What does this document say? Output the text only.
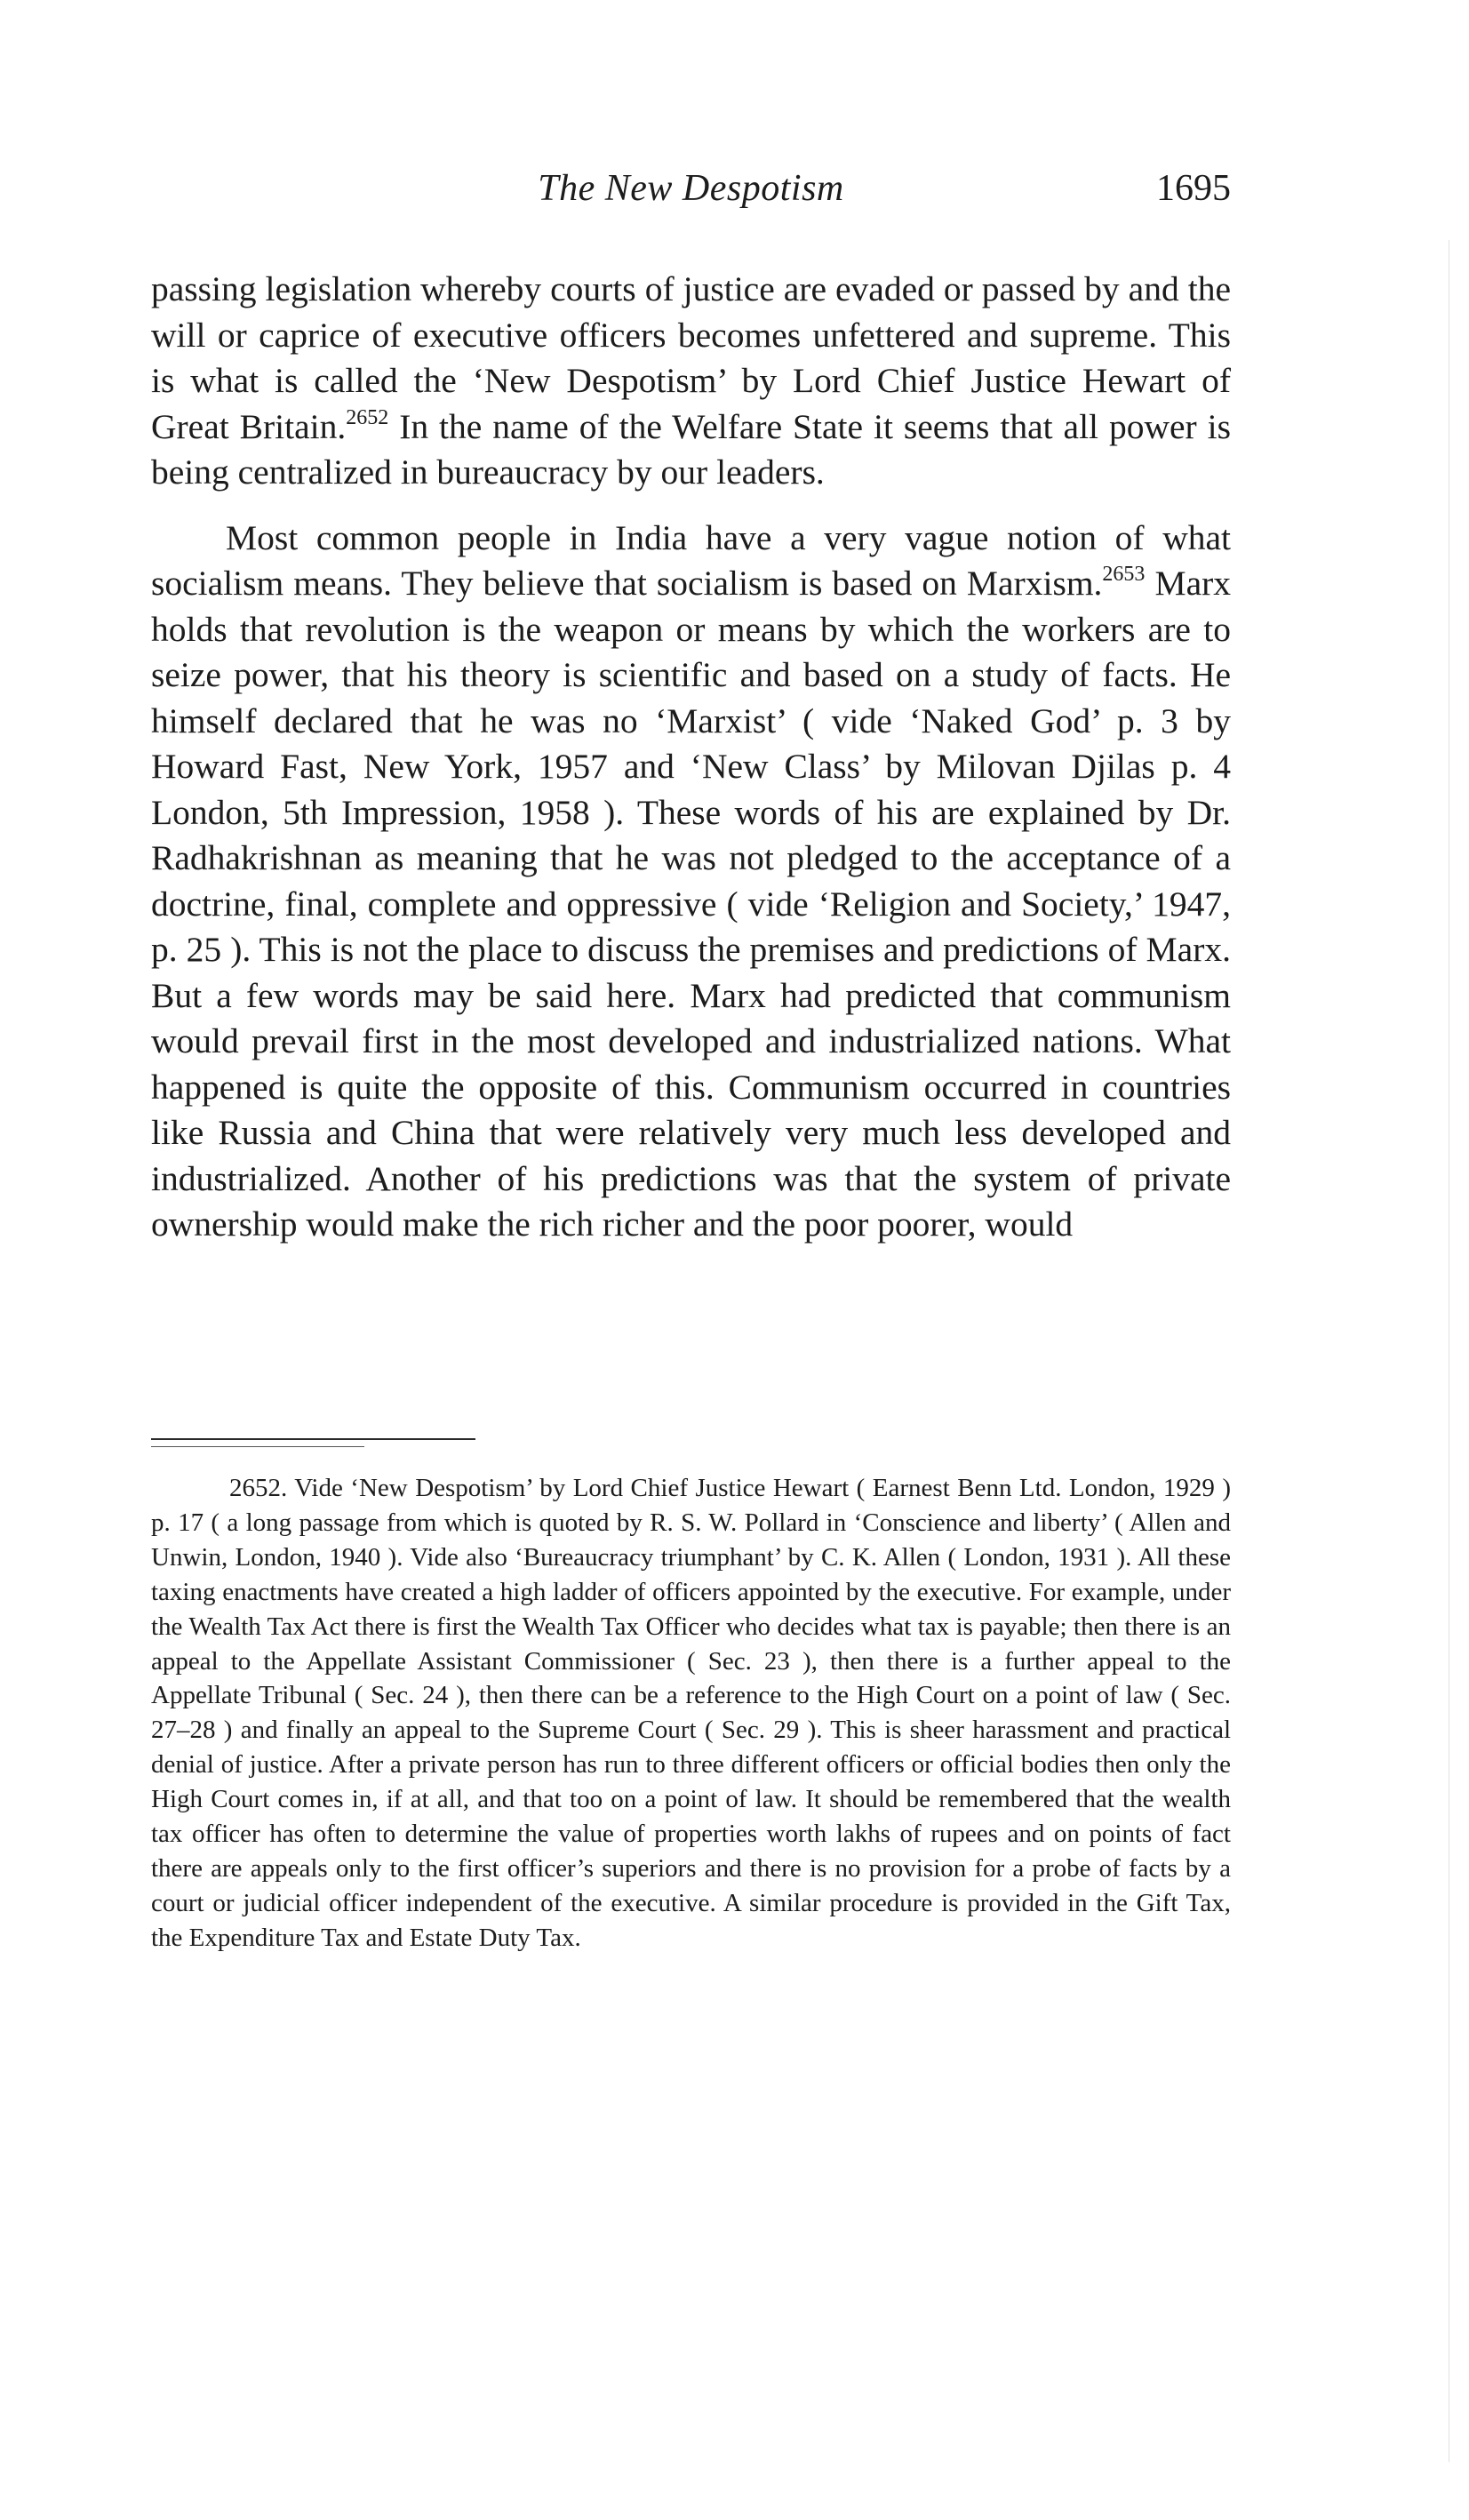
The New Despotism	1695

passing legislation whereby courts of justice are evaded or passed by and the will or caprice of executive officers becomes unfettered and supreme. This is what is called the ‘New Despotism’ by Lord Chief Justice Hewart of Great Britain.$^{2652}$ In the name of the Welfare State it seems that all power is being centralized in bureaucracy by our leaders.

Most common people in India have a very vague notion of what socialism means. They believe that socialism is based on Marxism.$^{2653}$ Marx holds that revolution is the weapon or means by which the workers are to seize power, that his theory is scientific and based on a study of facts. He himself declared that he was no ‘Marxist’ ( vide ‘Naked God’ p. 3 by Howard Fast, New York, 1957 and ‘New Class’ by Milovan Djilas p. 4 London, 5th Impression, 1958 ). These words of his are explained by Dr. Radhakrishnan as meaning that he was not pledged to the acceptance of a doctrine, final, complete and oppressive ( vide ‘Religion and Society,’ 1947, p. 25 ). This is not the place to discuss the premises and predictions of Marx. But a few words may be said here. Marx had predicted that communism would prevail first in the most developed and industrialized nations. What happened is quite the opposite of this. Communism occurred in countries like Russia and China that were relatively very much less developed and industrialized. Another of his predictions was that the system of private ownership would make the rich richer and the poor poorer, would

2652. Vide ‘New Despotism’ by Lord Chief Justice Hewart ( Earnest Benn Ltd. London, 1929 ) p. 17 ( a long passage from which is quoted by R. S. W. Pollard in ‘Conscience and liberty’ ( Allen and Unwin, London, 1940 ). Vide also ‘Bureaucracy triumphant’ by C. K. Allen ( London, 1931 ). All these taxing enactments have created a high ladder of officers appointed by the executive. For example, under the Wealth Tax Act there is first the Wealth Tax Officer who decides what tax is payable; then there is an appeal to the Appellate Assistant Commissioner ( Sec. 23 ), then there is a further appeal to the Appellate Tribunal ( Sec. 24 ), then there can be a reference to the High Court on a point of law ( Sec. 27–28 ) and finally an appeal to the Supreme Court ( Sec. 29 ). This is sheer harassment and practical denial of justice. After a private person has run to three different officers or official bodies then only the High Court comes in, if at all, and that too on a point of law. It should be remembered that the wealth tax officer has often to determine the value of properties worth lakhs of rupees and on points of fact there are appeals only to the first officer’s superiors and there is no provision for a probe of facts by a court or judicial officer independent of the executive. A similar procedure is provided in the Gift Tax, the Expenditure Tax and Estate Duty Tax.
